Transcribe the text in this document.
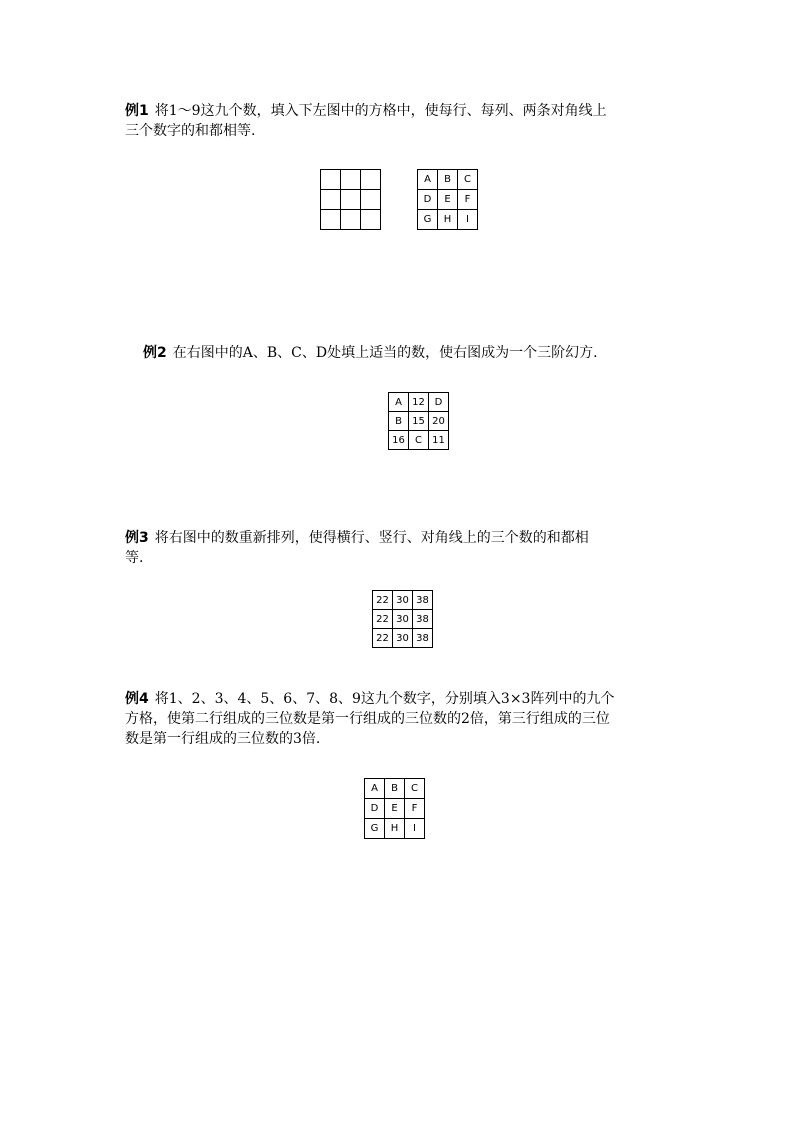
例1 将1～9这九个数，填入下左图中的方格中，使每行、每列、两条对角线上
三个数字的和都相等.

A	B	C
D	E	F
G	H	I
例2 在右图中的A、B、C、D处填上适当的数，使右图成为一个三阶幻方.
A	12	D
B	15	20
16	C	11
例3 将右图中的数重新排列，使得横行、竖行、对角线上的三个数的和都相
等.
22	30	38
22	30	38
22	30	38
例4 将1、2、3、4、5、6、7、8、9这九个数字，分别填入3×3阵列中的九个
方格，使第二行组成的三位数是第一行组成的三位数的2倍，第三行组成的三位
数是第一行组成的三位数的3倍.
A	B	C
D	E	F
G	H	I
